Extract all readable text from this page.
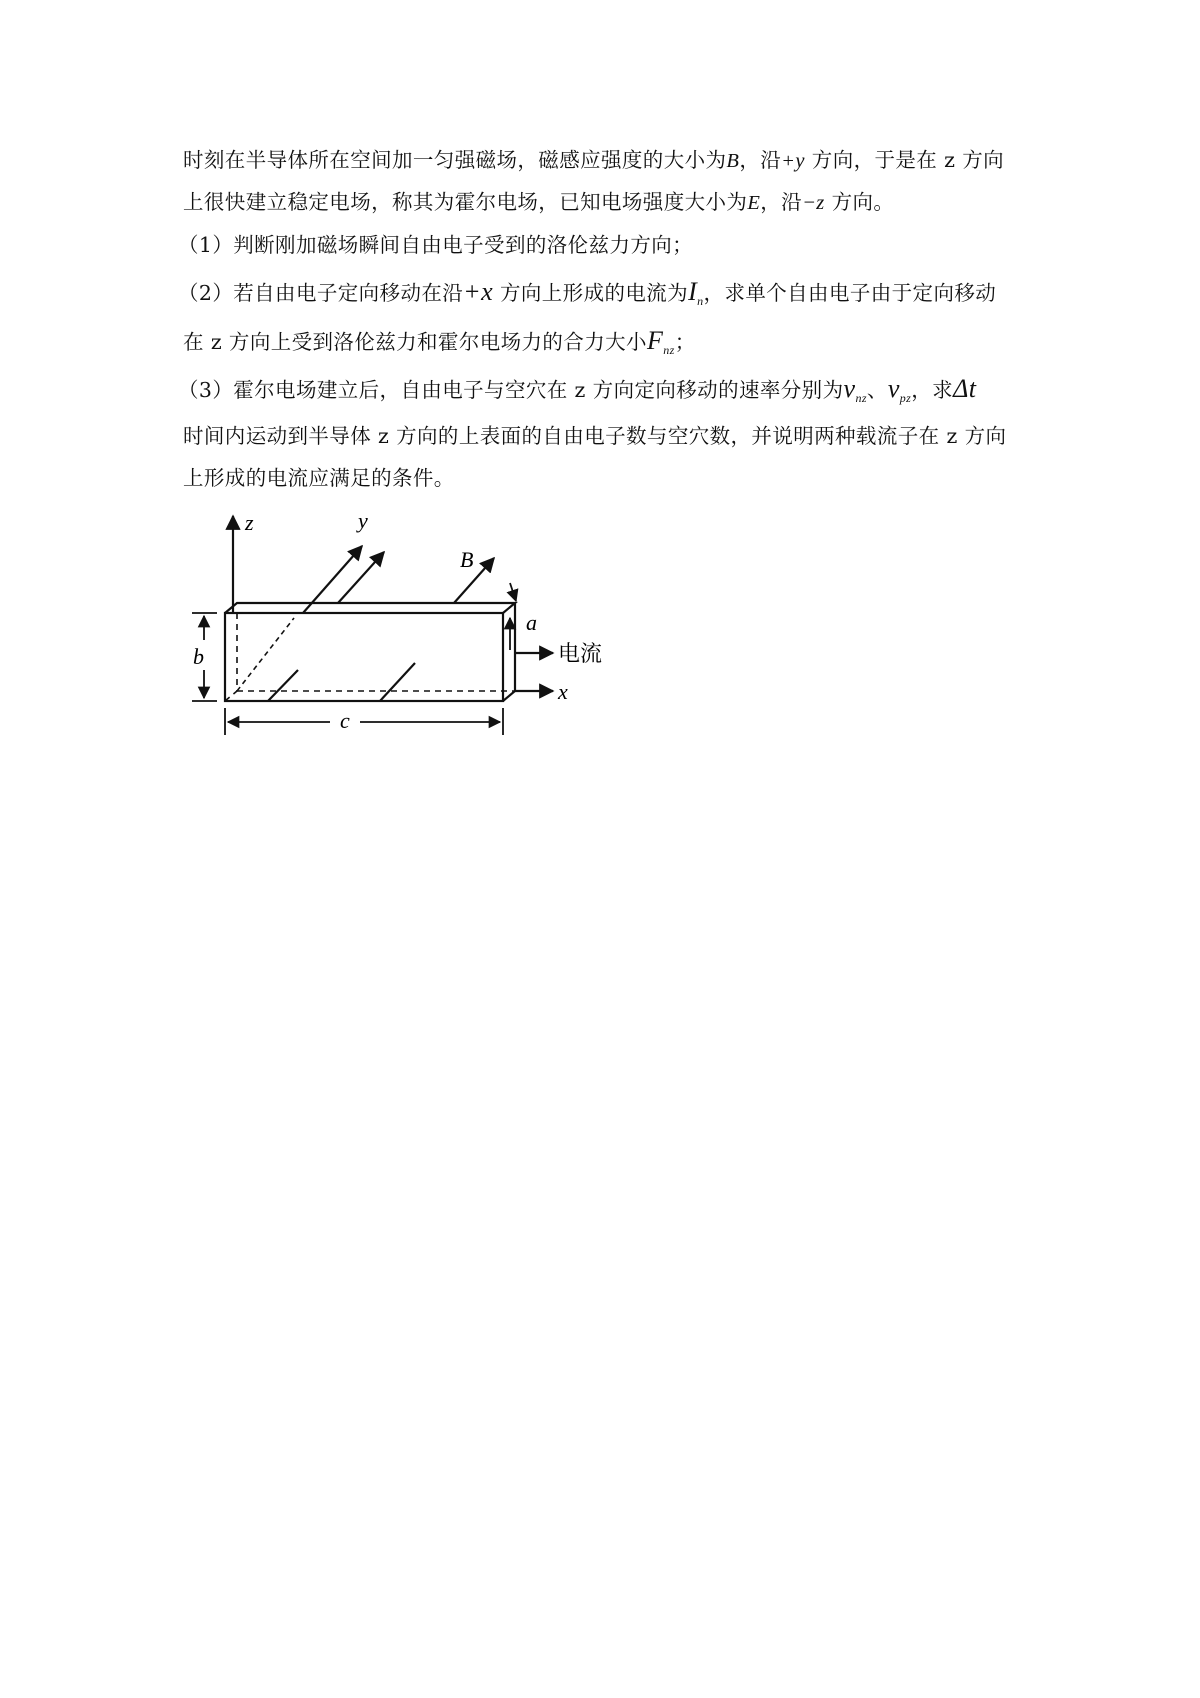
时刻在半导体所在空间加一匀强磁场，磁感应强度的大小为B，沿+y 方向，于是在 z 方向
上很快建立稳定电场，称其为霍尔电场，已知电场强度大小为E，沿−z 方向。
（1）判断刚加磁场瞬间自由电子受到的洛伦兹力方向；
（2）若自由电子定向移动在沿+x 方向上形成的电流为$I_n$，求单个自由电子由于定向移动
在 z 方向上受到洛伦兹力和霍尔电场力的合力大小$F_{nz}$；
（3）霍尔电场建立后，自由电子与空穴在 z 方向定向移动的速率分别为$v_{nz}$、$v_{pz}$，求Δt
时间内运动到半导体 z 方向的上表面的自由电子数与空穴数，并说明两种载流子在 z 方向
上形成的电流应满足的条件。
z	y
B
a
b
c
x
电流
